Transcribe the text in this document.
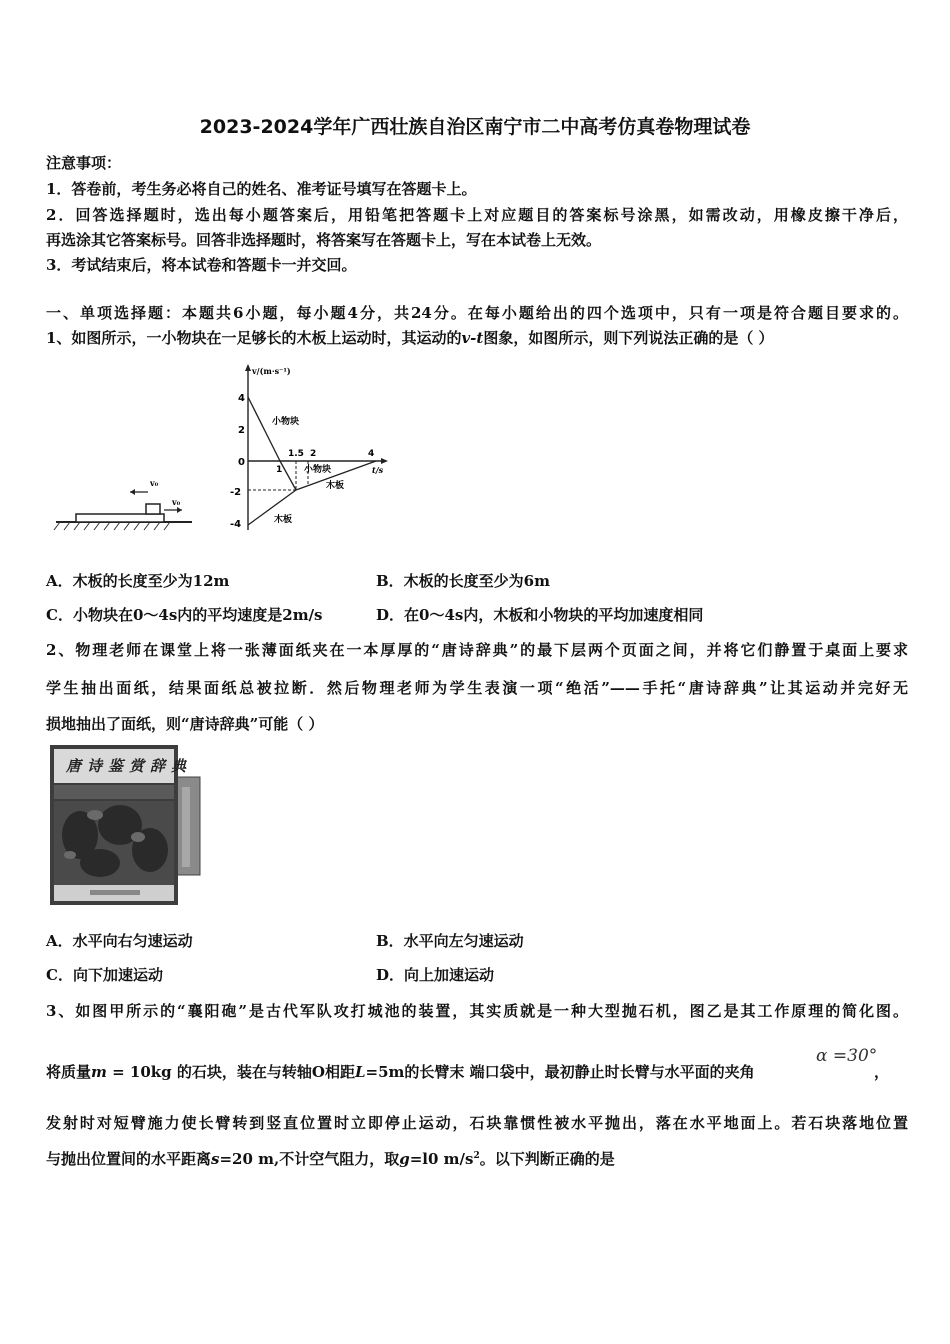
2023-2024学年广西壮族自治区南宁市二中高考仿真卷物理试卷
注意事项：
1．答卷前，考生务必将自己的姓名、准考证号填写在答题卡上。
2．回答选择题时，选出每小题答案后，用铅笔把答题卡上对应题目的答案标号涂黑，如需改动，用橡皮擦干净后，
再选涂其它答案标号。回答非选择题时，将答案写在答题卡上，写在本试卷上无效。
3．考试结束后，将本试卷和答题卡一并交回。
一、单项选择题：本题共6小题，每小题4分，共24分。在每小题给出的四个选项中，只有一项是符合题目要求的。
1、如图所示，一小物块在一足够长的木板上运动时，其运动的v-t图象，如图所示，则下列说法正确的是（ ）
v₀
v₀
v/(m·s⁻¹)
t/s
4
2
0
-2
-4
1
1.5 2	4
小物块
小物块
木板
木板
A．木板的长度至少为12m	B．木板的长度至少为6m
C．小物块在0～4s内的平均速度是2m/s	D．在0～4s内，木板和小物块的平均加速度相同
2、物理老师在课堂上将一张薄面纸夹在一本厚厚的“唐诗辞典”的最下层两个页面之间，并将它们静置于桌面上要求
学生抽出面纸，结果面纸总被拉断．然后物理老师为学生表演一项“绝活”——手托“唐诗辞典”让其运动并完好无
损地抽出了面纸，则“唐诗辞典”可能（ ）
唐诗鉴赏辞典
A．水平向右匀速运动	B．水平向左匀速运动
C．向下加速运动	D．向上加速运动
3、如图甲所示的“襄阳砲”是古代军队攻打城池的装置，其实质就是一种大型抛石机，图乙是其工作原理的简化图。
将质量m = 10kg 的石块，装在与转轴O相距L=5m的长臂末 端口袋中，最初静止时长臂与水平面的夹角
α =30°
，
发射时对短臂施力使长臂转到竖直位置时立即停止运动，石块靠惯性被水平抛出，落在水平地面上。若石块落地位置
与抛出位置间的水平距离s=20 m,不计空气阻力，取g=l0 $m/s^2$。以下判断正确的是
